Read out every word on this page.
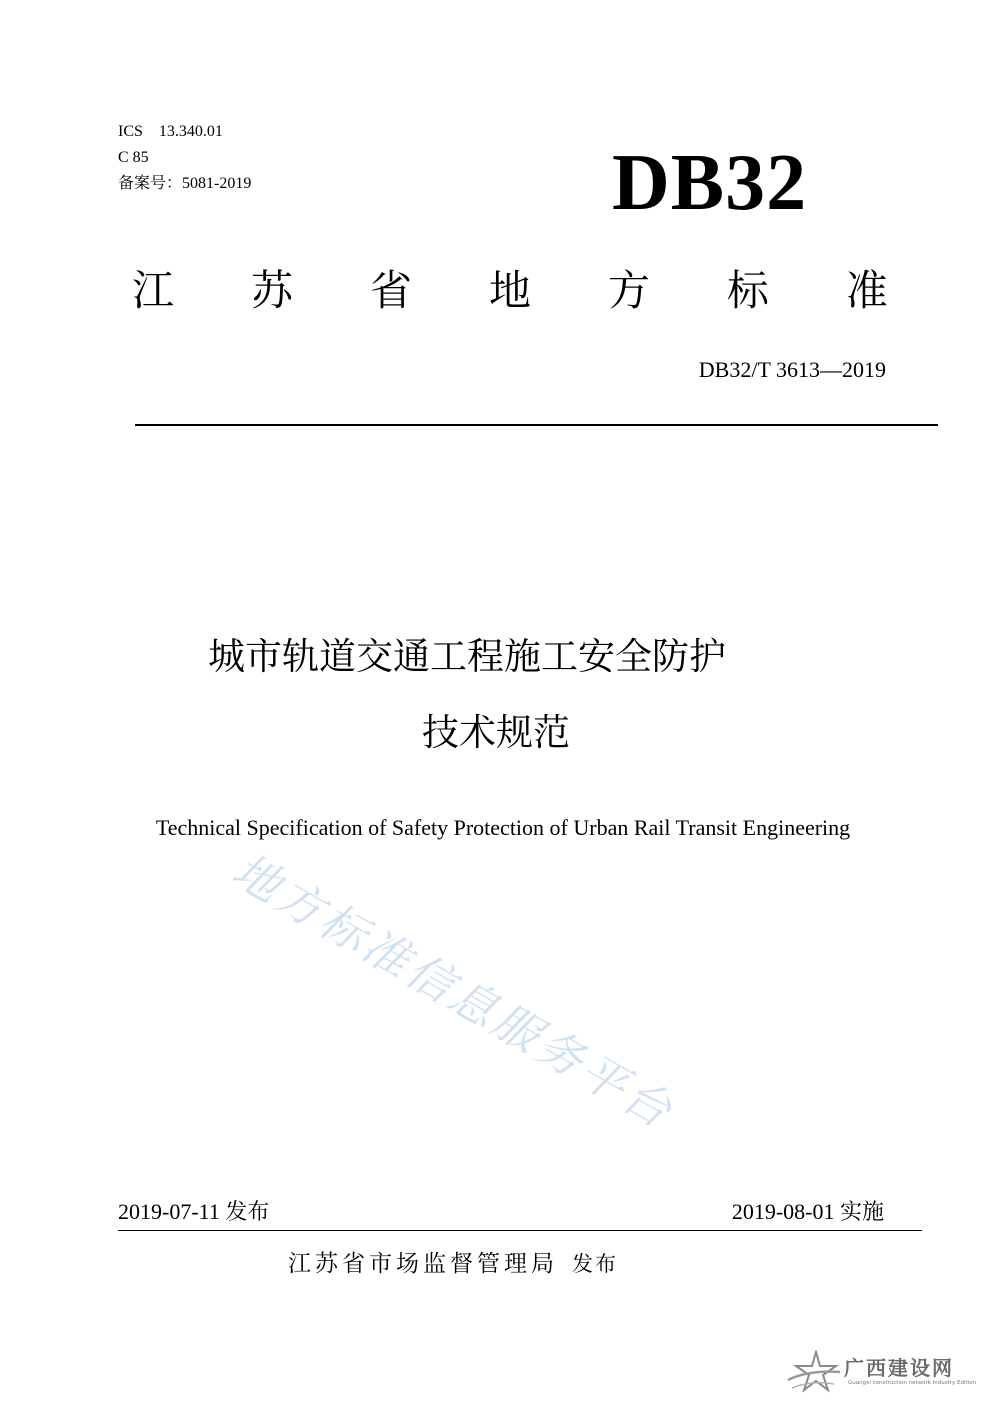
ICS　13.340.01
C 85
备案号：5081-2019	DB32
江 苏 省 地 方 标 准
DB32/T 3613—2019
城市轨道交通工程施工安全防护
技术规范
Technical Specification of Safety Protection of Urban Rail Transit Engineering
地方标准信息服务平台
2019-07-11 发布	2019-08-01 实施
江苏省市场监督管理局 发布
广西建设网
Guangxi construction network Industry Edition
